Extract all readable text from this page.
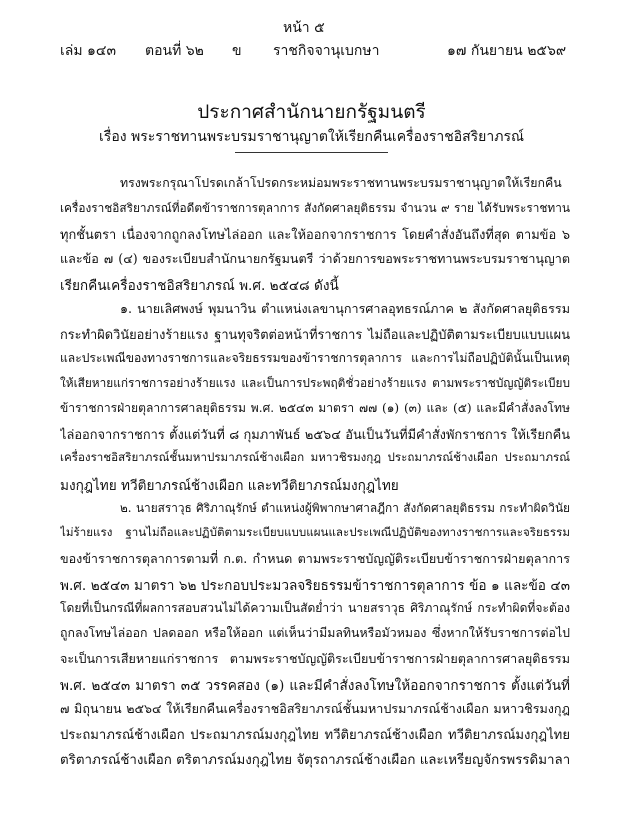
หน้า ๕
เล่ม ๑๔๓ ตอนที่ ๖๒ ข ราชกิจจานุเบกษา	๑๗ กันยายน ๒๕๖๙
ประกาศสำนักนายกรัฐมนตรี
เรื่อง พระราชทานพระบรมราชานุญาตให้เรียกคืนเครื่องราชอิสริยาภรณ์
ทรงพระกรุณาโปรดเกล้าโปรดกระหม่อมพระราชทานพระบรมราชานุญาตให้เรียกคืน
เครื่องราชอิสริยาภรณ์ที่อดีตข้าราชการตุลาการ สังกัดศาลยุติธรรม จำนวน ๙ ราย ได้รับพระราชทาน
ทุกชั้นตรา เนื่องจากถูกลงโทษไล่ออก และให้ออกจากราชการ โดยคำสั่งอันถึงที่สุด ตามข้อ ๖
และข้อ ๗ (๔) ของระเบียบสำนักนายกรัฐมนตรี ว่าด้วยการขอพระราชทานพระบรมราชานุญาต
เรียกคืนเครื่องราชอิสริยาภรณ์ พ.ศ. ๒๕๔๘ ดังนี้
๑. นายเลิศพงษ์ พุมนาวิน ตำแหน่งเลขานุการศาลอุทธรณ์ภาค ๒ สังกัดศาลยุติธรรม
กระทำผิดวินัยอย่างร้ายแรง ฐานทุจริตต่อหน้าที่ราชการ ไม่ถือและปฏิบัติตามระเบียบแบบแผน
และประเพณีของทางราชการและจริยธรรมของข้าราชการตุลาการ และการไม่ถือปฏิบัตินั้นเป็นเหตุ
ให้เสียหายแก่ราชการอย่างร้ายแรง และเป็นการประพฤติชั่วอย่างร้ายแรง ตามพระราชบัญญัติระเบียบ
ข้าราชการฝ่ายตุลาการศาลยุติธรรม พ.ศ. ๒๕๔๓ มาตรา ๗๗ (๑) (๓) และ (๕) และมีคำสั่งลงโทษ
ไล่ออกจากราชการ ตั้งแต่วันที่ ๘ กุมภาพันธ์ ๒๕๖๔ อันเป็นวันที่มีคำสั่งพักราชการ ให้เรียกคืน
เครื่องราชอิสริยาภรณ์ชั้นมหาปรมาภรณ์ช้างเผือก มหาวชิรมงกุฎ ประถมาภรณ์ช้างเผือก ประถมาภรณ์
มงกุฎไทย ทวีติยาภรณ์ช้างเผือก และทวีติยาภรณ์มงกุฎไทย
๒. นายสราวุธ ศิริภาณุรักษ์ ตำแหน่งผู้พิพากษาศาลฎีกา สังกัดศาลยุติธรรม กระทำผิดวินัย
ไม่ร้ายแรง ฐานไม่ถือและปฏิบัติตามระเบียบแบบแผนและประเพณีปฏิบัติของทางราชการและจริยธรรม
ของข้าราชการตุลาการตามที่ ก.ต. กำหนด ตามพระราชบัญญัติระเบียบข้าราชการฝ่ายตุลาการ
พ.ศ. ๒๕๔๓ มาตรา ๖๒ ประกอบประมวลจริยธรรมข้าราชการตุลาการ ข้อ ๑ และข้อ ๔๓
โดยที่เป็นกรณีที่ผลการสอบสวนไม่ได้ความเป็นสัดย่ำว่า นายสราวุธ ศิริภาณุรักษ์ กระทำผิดที่จะต้อง
ถูกลงโทษไล่ออก ปลดออก หรือให้ออก แต่เห็นว่ามีมลทินหรือมัวหมอง ซึ่งหากให้รับราชการต่อไป
จะเป็นการเสียหายแก่ราชการ ตามพระราชบัญญัติระเบียบข้าราชการฝ่ายตุลาการศาลยุติธรรม
พ.ศ. ๒๕๔๓ มาตรา ๓๕ วรรคสอง (๑) และมีคำสั่งลงโทษให้ออกจากราชการ ตั้งแต่วันที่
๗ มิถุนายน ๒๕๖๔ ให้เรียกคืนเครื่องราชอิสริยาภรณ์ชั้นมหาปรมาภรณ์ช้างเผือก มหาวชิรมงกุฎ
ประถมาภรณ์ช้างเผือก ประถมาภรณ์มงกุฎไทย ทวีติยาภรณ์ช้างเผือก ทวีติยาภรณ์มงกุฎไทย
ตริตาภรณ์ช้างเผือก ตริตาภรณ์มงกุฎไทย จัตุรถาภรณ์ช้างเผือก และเหรียญจักรพรรดิมาลา
